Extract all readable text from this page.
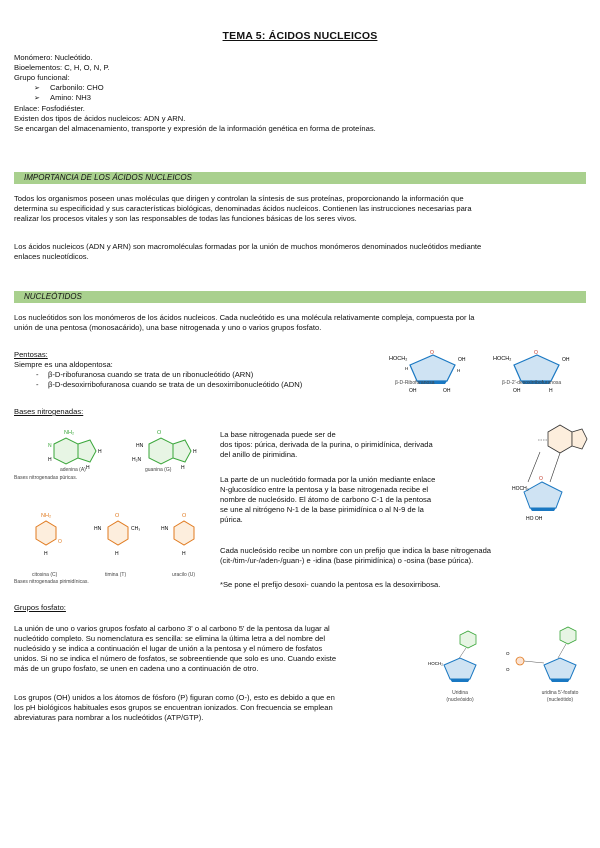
TEMA 5: ÁCIDOS NUCLEICOS
Monómero: Nucleótido.
Bioelementos: C, H, O, N, P.
Grupo funcional:
➢ Carbonilo: CHO
➢ Amino: NH3
Enlace: Fosfodiéster.
Existen dos tipos de ácidos nucleicos: ADN y ARN.
Se encargan del almacenamiento, transporte y expresión de la información genética en forma de proteínas.
IMPORTANCIA DE LOS ÁCIDOS NUCLEICOS
Todos los organismos poseen unas moléculas que dirigen y controlan la síntesis de sus proteínas, proporcionando la información que
determina su especificidad y sus características biológicas, denominadas ácidos nucleicos. Contienen las instrucciones necesarias para
realizar los procesos vitales y son las responsables de todas las funciones básicas de los seres vivos.
Los ácidos nucleicos (ADN y ARN) son macromoléculas formadas por la unión de muchos monómeros denominados nucleótidos mediante
enlaces nucleotídicos.
NUCLEÓTIDOS
Los nucleótidos son los monómeros de los ácidos nucleicos. Cada nucleótido es una molécula relativamente compleja, compuesta por la
unión de una pentosa (monosacárido), una base nitrogenada y uno o varios grupos fosfato.
Pentosas:
Siempre es una aldopentosa:
- β-D-ribofuranosa cuando se trata de un ribonucleótido (ARN)
- β-D-desoxirribofuranosa cuando se trata de un desoxirribonucleótido (ADN)
HOCH₂
O
OH
OH	OH
H	H
HOCH₂
O
OH
OH	H
β-D-Ribofuranosa	β-D-2'-desoxirribofuranosa
Bases nitrogenadas:
NH₂
N
H
H
H
O
HN
H₂N
H
H
adenina (A)	guanina (G)
Bases nitrogenadas púricas.
NH₂
O
H
O
HN	CH₃
H
O
HN
H
citosina (C)	timina (T)	uracilo (U)
Bases nitrogenadas pirimidínicas.
La base nitrogenada puede ser de
dos tipos: púrica, derivada de la purina, o pirimidínica, derivada
del anillo de pirimidina.
La parte de un nucleótido formada por la unión mediante enlace
N-glucosídico entre la pentosa y la base nitrogenada recibe el
nombre de nucleósido. El átomo de carbono C-1 de la pentosa
se une al nitrógeno N-1 de la base pirimidínica o al N-9 de la
púrica.
HOCH₂
O
HO OH
Cada nucleósido recibe un nombre con un prefijo que indica la base nitrogenada
(cit-/tim-/ur-/aden-/guan-) e -idina (base pirimidínica) o -osina (base púrica).
*Se pone el prefijo desoxi- cuando la pentosa es la desoxirribosa.
Grupos fosfato:
La unión de uno o varios grupos fosfato al carbono 3' o al carbono 5' de la pentosa da lugar al
nucleótido completo. Su nomenclatura es sencilla: se elimina la última letra a del nombre del
nucleósido y se indica a continuación el lugar de unión a la pentosa y el número de fosfatos
unidos. Si no se indica el número de fosfatos, se sobreentiende que solo es uno. Cuando existe
más de un grupo fosfato, se unen en cadena uno a continuación de otro.
Los grupos (OH) unidos a los átomos de fósforo (P) figuran como (O-), esto es debido a que en
los pH biológicos habituales esos grupos se encuentran ionizados. Con frecuencia se emplean
abreviaturas para nombrar a los nucleótidos (ATP/GTP).
HOCH₂
O
O
Uridina
(nucleósido)
uridina 5'-fosfato
(nucleótido)
